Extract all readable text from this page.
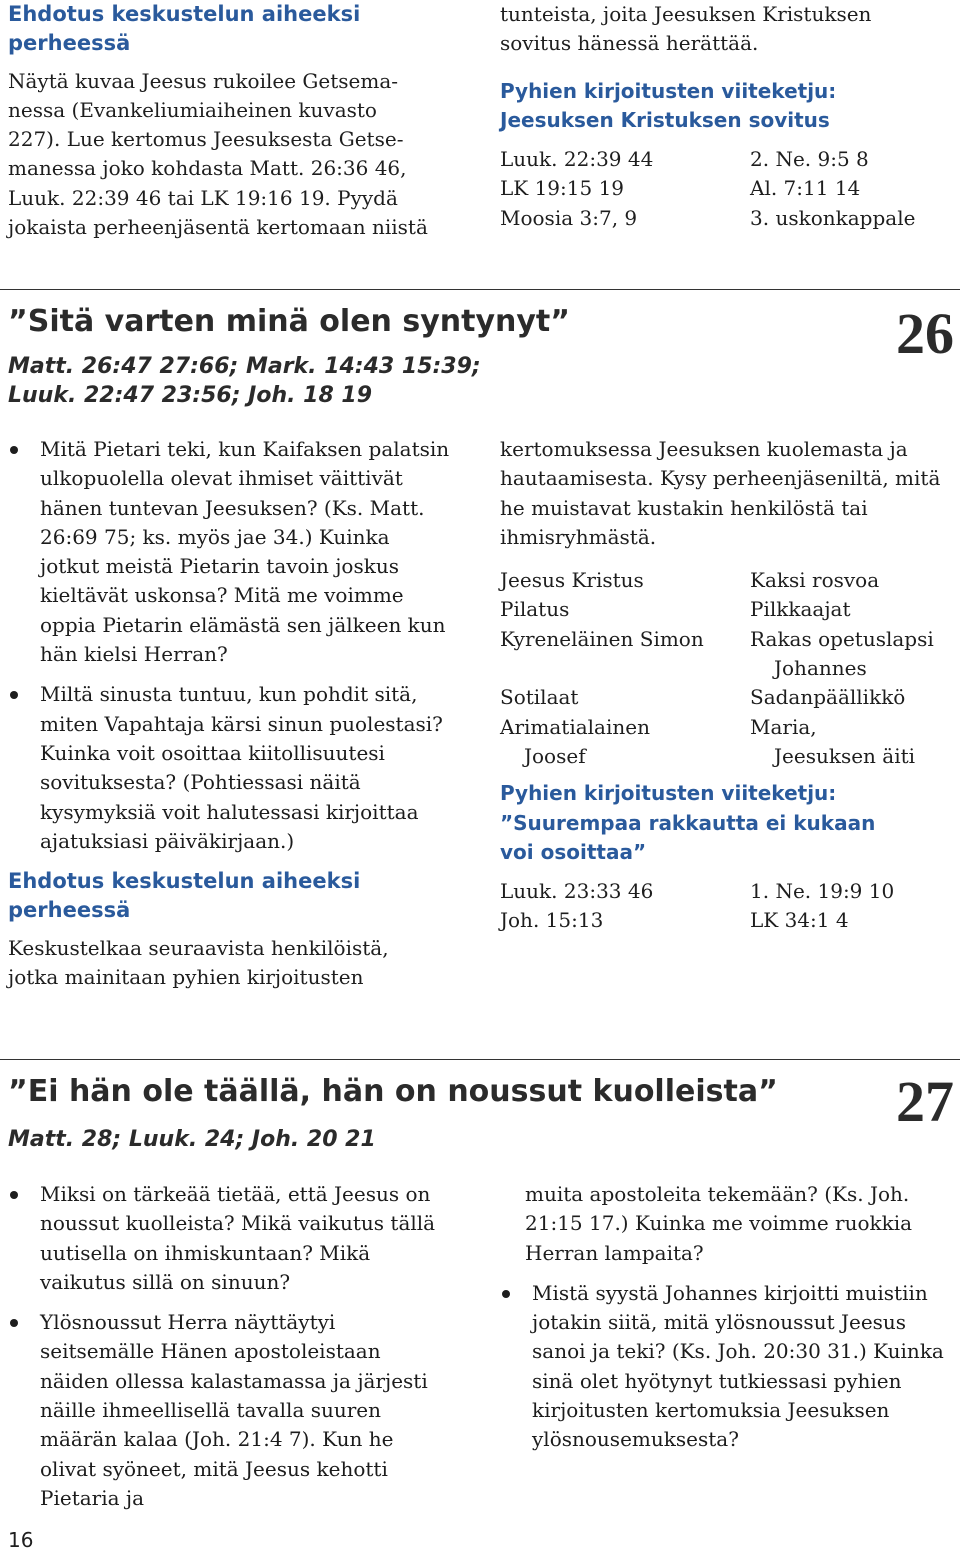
Ehdotus keskustelun aiheeksi perheessä

Näytä kuvaa Jeesus rukoilee Getsema-

nessa (Evankeliumiaiheinen kuvasto

227). Lue kertomus Jeesuksesta Getse-

manessa joko kohdasta Matt. 26:36 46,

Luuk. 22:39 46 tai LK 19:16 19. Pyydä

jokaista perheenjäsentä kertomaan niistä

tunteista, joita Jeesuksen Kristuksen

sovitus hänessä herättää.

Pyhien kirjoitusten viiteketju: Jeesuksen Kristuksen sovitus
Luuk. 22:39 44	2. Ne. 9:5 8
LK 19:15 19	Al. 7:11 14
Moosia 3:7, 9	3. uskonkappale
”Sitä varten minä olen syntynyt”	26
Matt. 26:47 27:66; Mark. 14:43 15:39;
Luuk. 22:47 23:56; Joh. 18 19
Mitä Pietari teki, kun Kaifaksen palatsin ulkopuolella olevat ihmiset väittivät hänen tuntevan Jeesuksen? (Ks. Matt. 26:69 75; ks. myös jae 34.) Kuinka jotkut meistä Pietarin tavoin joskus kieltävät uskonsa? Mitä me voimme oppia Pietarin elämästä sen jälkeen kun hän kielsi Herran?
Miltä sinusta tuntuu, kun pohdit sitä, miten Vapahtaja kärsi sinun puolestasi? Kuinka voit osoittaa kiitollisuutesi sovituksesta? (Pohtiessasi näitä kysymyksiä voit halutessasi kirjoittaa ajatuksiasi päiväkirjaan.)
Ehdotus keskustelun aiheeksi perheessä
Keskustelkaa seuraavista henkilöistä, jotka mainitaan pyhien kirjoitusten
kertomuksessa Jeesuksen kuolemasta ja hautaamisesta. Kysy perheenjäseniltä, mitä he muistavat kustakin henkilöstä tai ihmisryhmästä.
Jeesus Kristus	Kaksi rosvoa
Pilatus	Pilkkaajat
Kyreneläinen Simon	Rakas opetuslapsi
Johannes
Sotilaat	Sadanpäällikkö
Arimatialainen	Maria,
Joosef	Jeesuksen äiti
Pyhien kirjoitusten viiteketju:
”Suurempaa rakkautta ei kukaan
voi osoittaa”
Luuk. 23:33 46	1. Ne. 19:9 10
Joh. 15:13	LK 34:1 4
”Ei hän ole täällä, hän on noussut kuolleista” 27
Matt. 28; Luuk. 24; Joh. 20 21
Miksi on tärkeää tietää, että Jeesus on noussut kuolleista? Mikä vaikutus tällä uutisella on ihmiskuntaan? Mikä vaikutus sillä on sinuun?
Ylösnoussut Herra näyttäytyi seitsemälle Hänen apostoleistaan näiden ollessa kalastamassa ja järjesti näille ihmeellisellä tavalla suuren määrän kalaa (Joh. 21:4 7). Kun he olivat syöneet, mitä Jeesus kehotti Pietaria ja
muita apostoleita tekemään? (Ks. Joh. 21:15 17.) Kuinka me voimme ruokkia Herran lampaita?
Mistä syystä Johannes kirjoitti muistiin jotakin siitä, mitä ylösnoussut Jeesus sanoi ja teki? (Ks. Joh. 20:30 31.) Kuinka sinä olet hyötynyt tutkiessasi pyhien kirjoitusten kertomuksia Jeesuksen ylösnousemuksesta?
16
